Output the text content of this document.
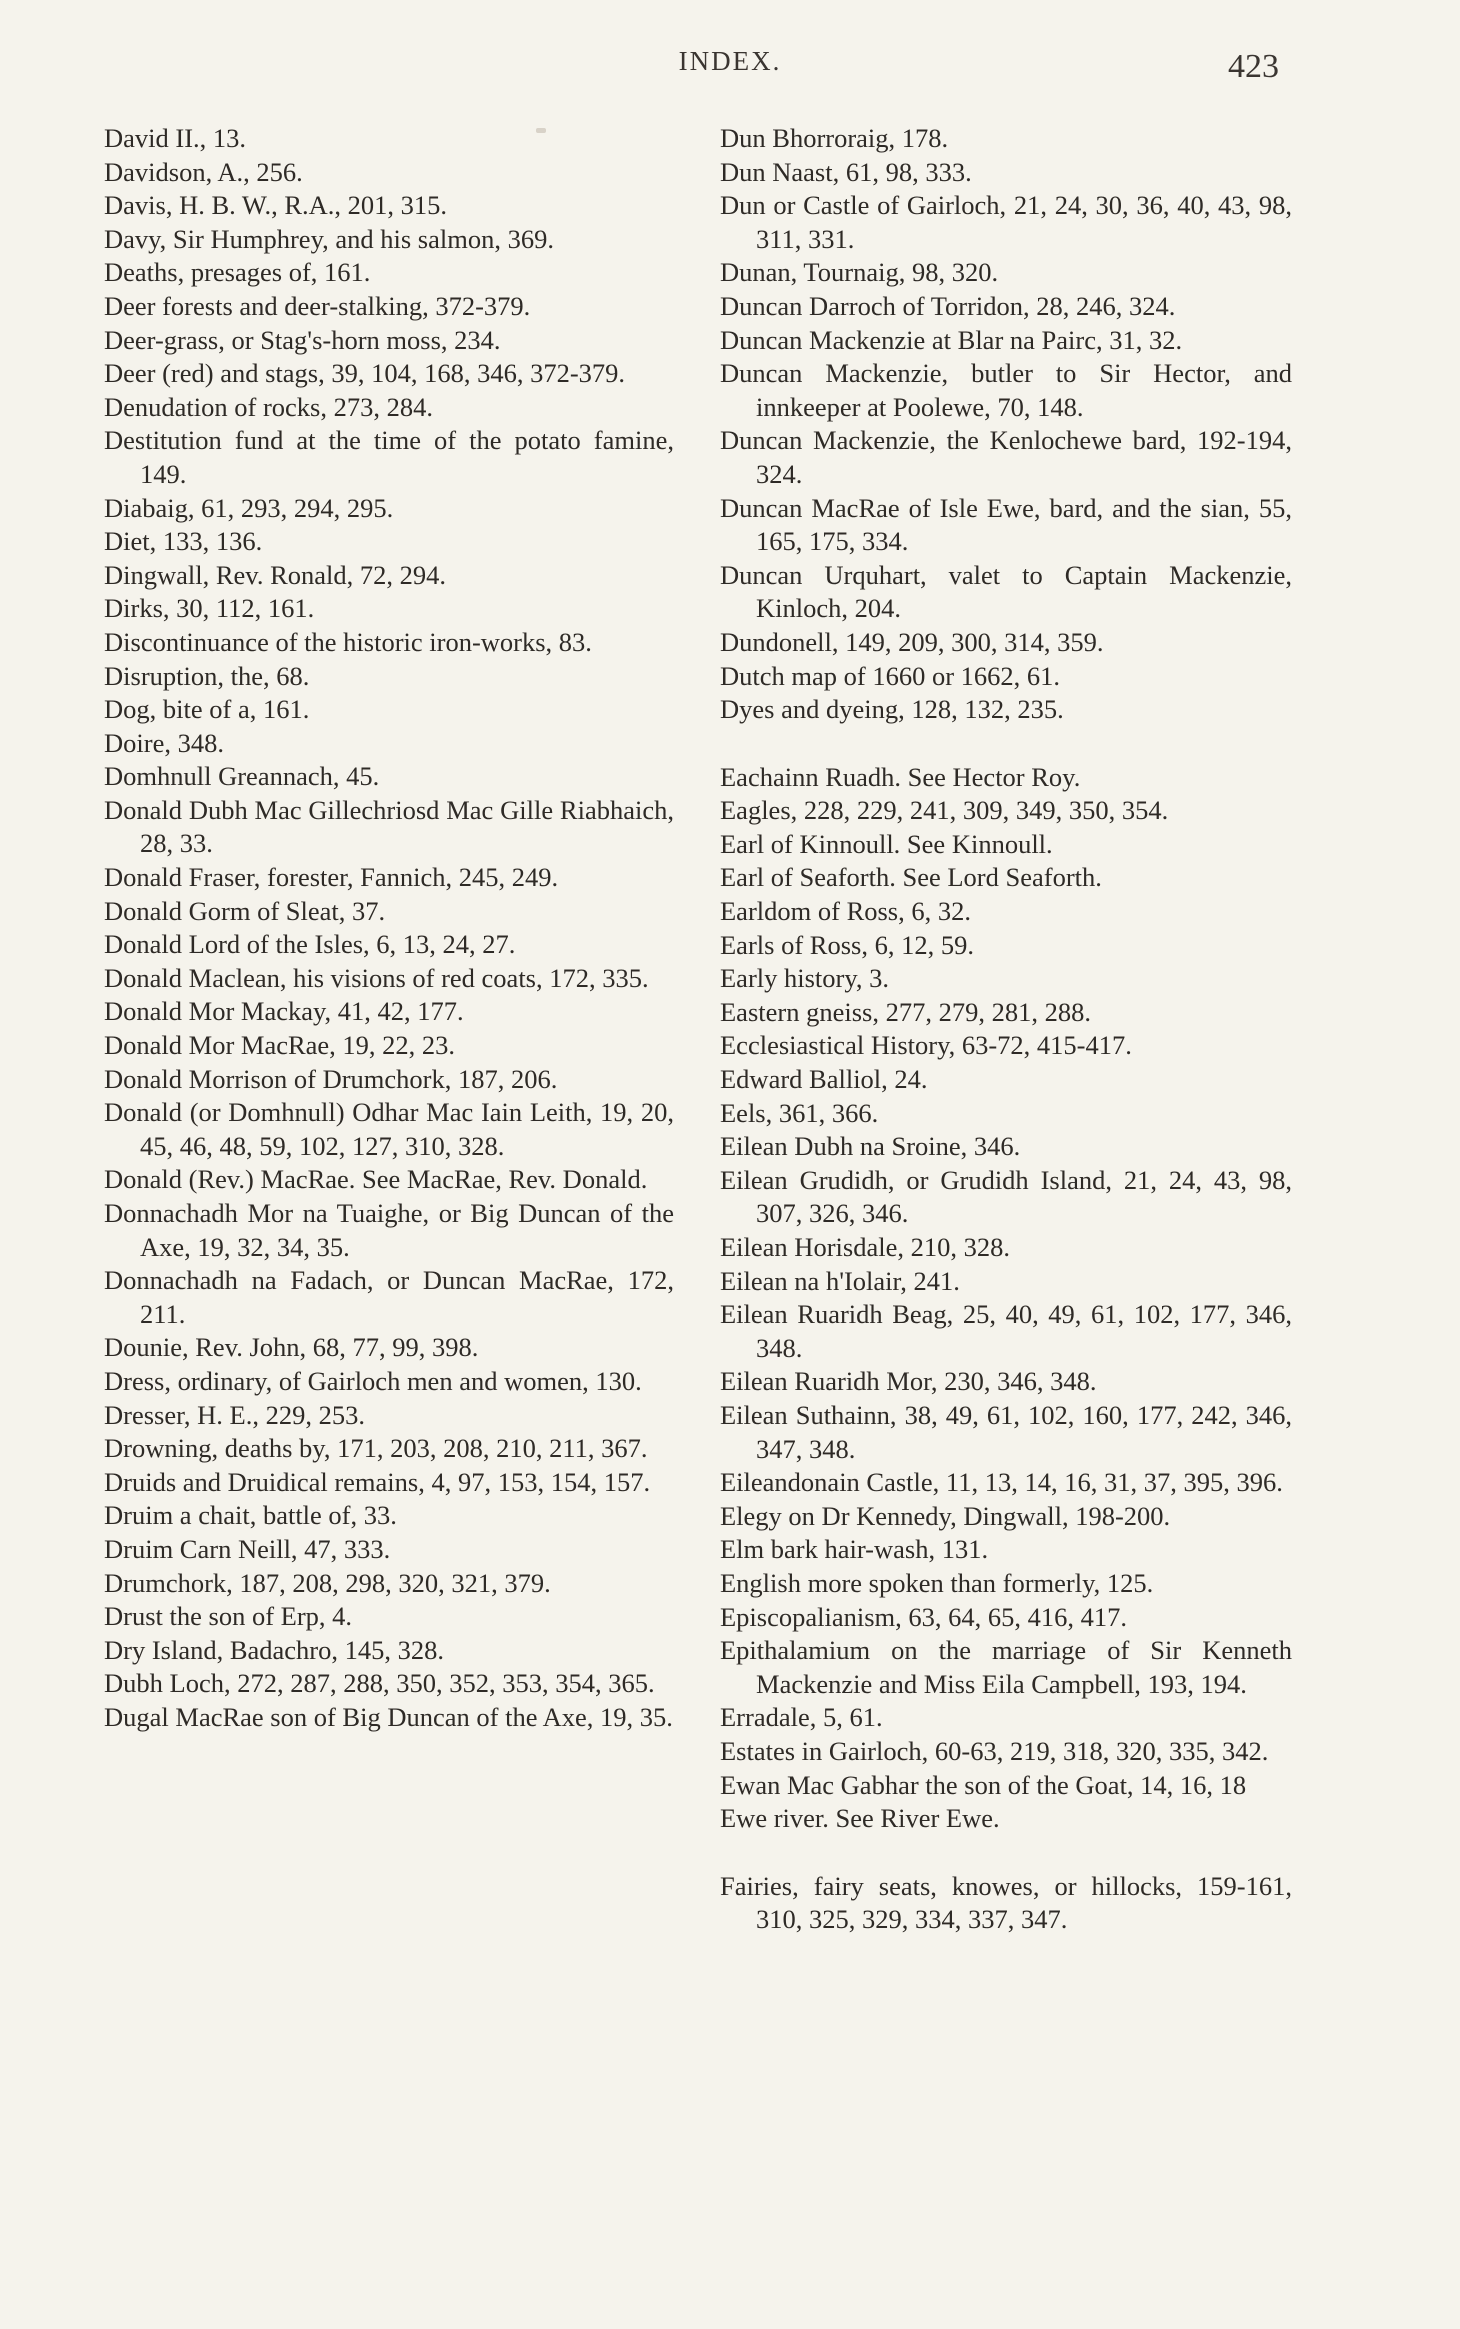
INDEX.	423

David II., 13.

Davidson, A., 256.

Davis, H. B. W., R.A., 201, 315.

Davy, Sir Humphrey, and his salmon, 369.

Deaths, presages of, 161.

Deer forests and deer-stalking, 372-379.

Deer-grass, or Stag's-horn moss, 234.

Deer (red) and stags, 39, 104, 168, 346, 372-379.

Denudation of rocks, 273, 284.

Destitution fund at the time of the potato famine, 149.

Diabaig, 61, 293, 294, 295.

Diet, 133, 136.

Dingwall, Rev. Ronald, 72, 294.

Dirks, 30, 112, 161.

Discontinuance of the historic iron-works, 83.

Disruption, the, 68.

Dog, bite of a, 161.

Doire, 348.

Domhnull Greannach, 45.

Donald Dubh Mac Gillechriosd Mac Gille Riabhaich, 28, 33.

Donald Fraser, forester, Fannich, 245, 249.

Donald Gorm of Sleat, 37.

Donald Lord of the Isles, 6, 13, 24, 27.

Donald Maclean, his visions of red coats, 172, 335.

Donald Mor Mackay, 41, 42, 177.

Donald Mor MacRae, 19, 22, 23.

Donald Morrison of Drumchork, 187, 206.

Donald (or Domhnull) Odhar Mac Iain Leith, 19, 20, 45, 46, 48, 59, 102, 127, 310, 328.

Donald (Rev.) MacRae. See MacRae, Rev. Donald.

Donnachadh Mor na Tuaighe, or Big Duncan of the Axe, 19, 32, 34, 35.

Donnachadh na Fadach, or Duncan MacRae, 172, 211.

Dounie, Rev. John, 68, 77, 99, 398.

Dress, ordinary, of Gairloch men and women, 130.

Dresser, H. E., 229, 253.

Drowning, deaths by, 171, 203, 208, 210, 211, 367.

Druids and Druidical remains, 4, 97, 153, 154, 157.

Druim a chait, battle of, 33.

Druim Carn Neill, 47, 333.

Drumchork, 187, 208, 298, 320, 321, 379.

Drust the son of Erp, 4.

Dry Island, Badachro, 145, 328.

Dubh Loch, 272, 287, 288, 350, 352, 353, 354, 365.

Dugal MacRae son of Big Duncan of the Axe, 19, 35.

Dun Bhorroraig, 178.

Dun Naast, 61, 98, 333.

Dun or Castle of Gairloch, 21, 24, 30, 36, 40, 43, 98, 311, 331.

Dunan, Tournaig, 98, 320.

Duncan Darroch of Torridon, 28, 246, 324.

Duncan Mackenzie at Blar na Pairc, 31, 32.

Duncan Mackenzie, butler to Sir Hector, and innkeeper at Poolewe, 70, 148.

Duncan Mackenzie, the Kenlochewe bard, 192-194, 324.

Duncan MacRae of Isle Ewe, bard, and the sian, 55, 165, 175, 334.

Duncan Urquhart, valet to Captain Mackenzie, Kinloch, 204.

Dundonell, 149, 209, 300, 314, 359.

Dutch map of 1660 or 1662, 61.

Dyes and dyeing, 128, 132, 235.

Eachainn Ruadh. See Hector Roy.

Eagles, 228, 229, 241, 309, 349, 350, 354.

Earl of Kinnoull. See Kinnoull.

Earl of Seaforth. See Lord Seaforth.

Earldom of Ross, 6, 32.

Earls of Ross, 6, 12, 59.

Early history, 3.

Eastern gneiss, 277, 279, 281, 288.

Ecclesiastical History, 63-72, 415-417.

Edward Balliol, 24.

Eels, 361, 366.

Eilean Dubh na Sroine, 346.

Eilean Grudidh, or Grudidh Island, 21, 24, 43, 98, 307, 326, 346.

Eilean Horisdale, 210, 328.

Eilean na h'Iolair, 241.

Eilean Ruaridh Beag, 25, 40, 49, 61, 102, 177, 346, 348.

Eilean Ruaridh Mor, 230, 346, 348.

Eilean Suthainn, 38, 49, 61, 102, 160, 177, 242, 346, 347, 348.

Eileandonain Castle, 11, 13, 14, 16, 31, 37, 395, 396.

Elegy on Dr Kennedy, Dingwall, 198-200.

Elm bark hair-wash, 131.

English more spoken than formerly, 125.

Episcopalianism, 63, 64, 65, 416, 417.

Epithalamium on the marriage of Sir Kenneth Mackenzie and Miss Eila Campbell, 193, 194.

Erradale, 5, 61.

Estates in Gairloch, 60-63, 219, 318, 320, 335, 342.

Ewan Mac Gabhar the son of the Goat, 14, 16, 18

Ewe river. See River Ewe.

Fairies, fairy seats, knowes, or hillocks, 159-161, 310, 325, 329, 334, 337, 347.
